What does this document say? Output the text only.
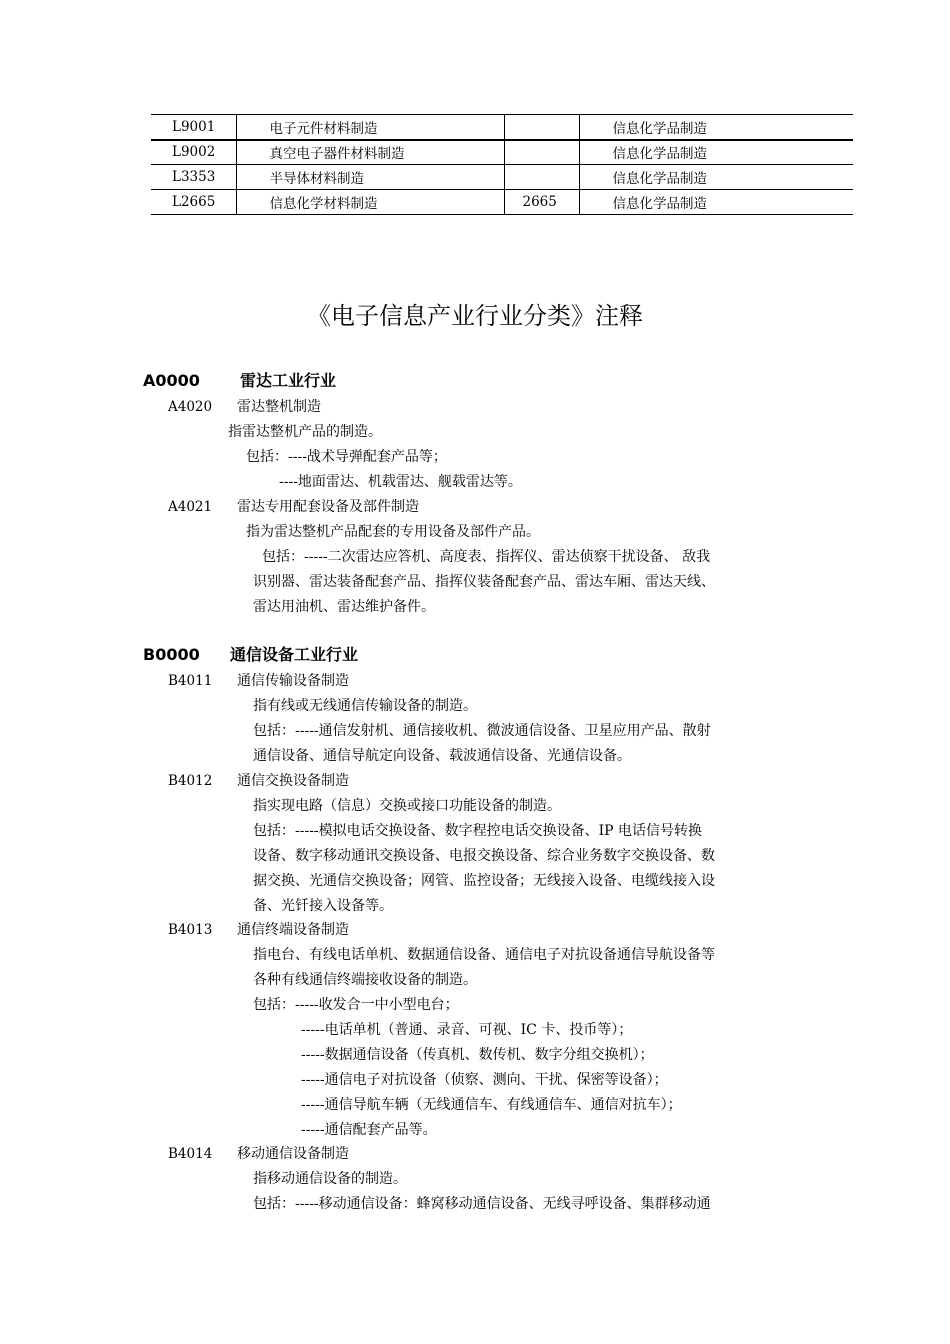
L9001	电子元件材料制造		信息化学品制造
L9002	真空电子器件材料制造		信息化学品制造
L3353	半导体材料制造		信息化学品制造
L2665	信息化学材料制造	2665	信息化学品制造
《电子信息产业行业分类》注释
A0000	雷达工业行业
A4020 雷达整机制造
指雷达整机产品的制造。
包括：----战术导弹配套产品等；
----地面雷达、机载雷达、舰载雷达等。
A4021 雷达专用配套设备及部件制造
指为雷达整机产品配套的专用设备及部件产品。
包括：-----二次雷达应答机、高度表、指挥仪、雷达侦察干扰设备、 敌我
识别器、雷达装备配套产品、指挥仪装备配套产品、雷达车厢、雷达天线、
雷达用油机、雷达维护备件。
B0000 通信设备工业行业
B4011 通信传输设备制造
指有线或无线通信传输设备的制造。
包括：-----通信发射机、通信接收机、微波通信设备、卫星应用产品、散射
通信设备、通信导航定向设备、载波通信设备、光通信设备。
B4012 通信交换设备制造
指实现电路（信息）交换或接口功能设备的制造。
包括：-----模拟电话交换设备、数字程控电话交换设备、IP 电话信号转换
设备、数字移动通讯交换设备、电报交换设备、综合业务数字交换设备、数
据交换、光通信交换设备；网管、监控设备；无线接入设备、电缆线接入设
备、光钎接入设备等。
B4013 通信终端设备制造
指电台、有线电话单机、数据通信设备、通信电子对抗设备通信导航设备等
各种有线通信终端接收设备的制造。
包括：-----收发合一中小型电台；
-----电话单机（普通、录音、可视、IC 卡、投币等）；
-----数据通信设备（传真机、数传机、数字分组交换机）；
-----通信电子对抗设备（侦察、测向、干扰、保密等设备）；
-----通信导航车辆（无线通信车、有线通信车、通信对抗车）；
-----通信配套产品等。
B4014 移动通信设备制造
指移动通信设备的制造。
包括：-----移动通信设备：蜂窝移动通信设备、无线寻呼设备、集群移动通
